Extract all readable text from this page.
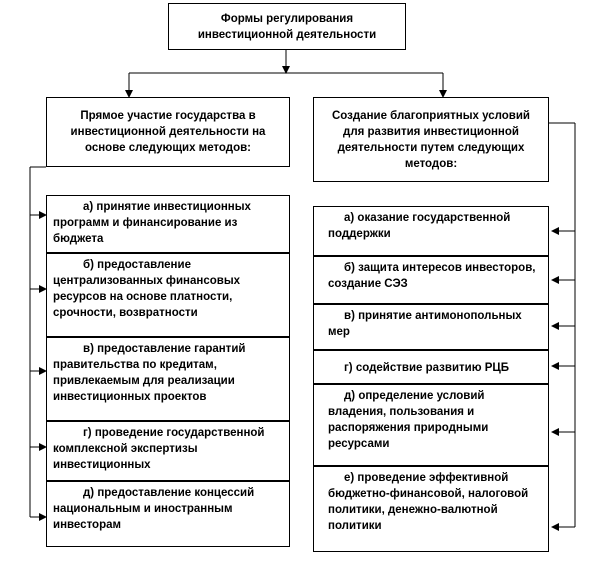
Формы регулирования инвестиционной деятельности
Прямое участие государства в инвестиционной деятельности на основе следующих методов:
Создание благоприятных условий для развития инвестиционной деятельности путем следующих методов:
а) принятие инвестиционных программ и финансирование из бюджета
б) предоставление централизованных финансовых ресурсов на основе платности, срочности, возвратности
в) предоставление гарантий правительства по кредитам, привлекаемым для реализации инвестиционных проектов
г) проведение государственной комплексной экспертизы инвестиционных
д) предоставление концессий национальным и иностранным инвесторам
а) оказание государственной поддержки
б) защита интересов инвесторов, создание СЭЗ
в) принятие антимонопольных мер
г) содействие развитию РЦБ
д) определение условий владения, пользования и распоряжения природными ресурсами
е) проведение эффективной бюджетно-финансовой, налоговой политики, денежно-валютной политики
